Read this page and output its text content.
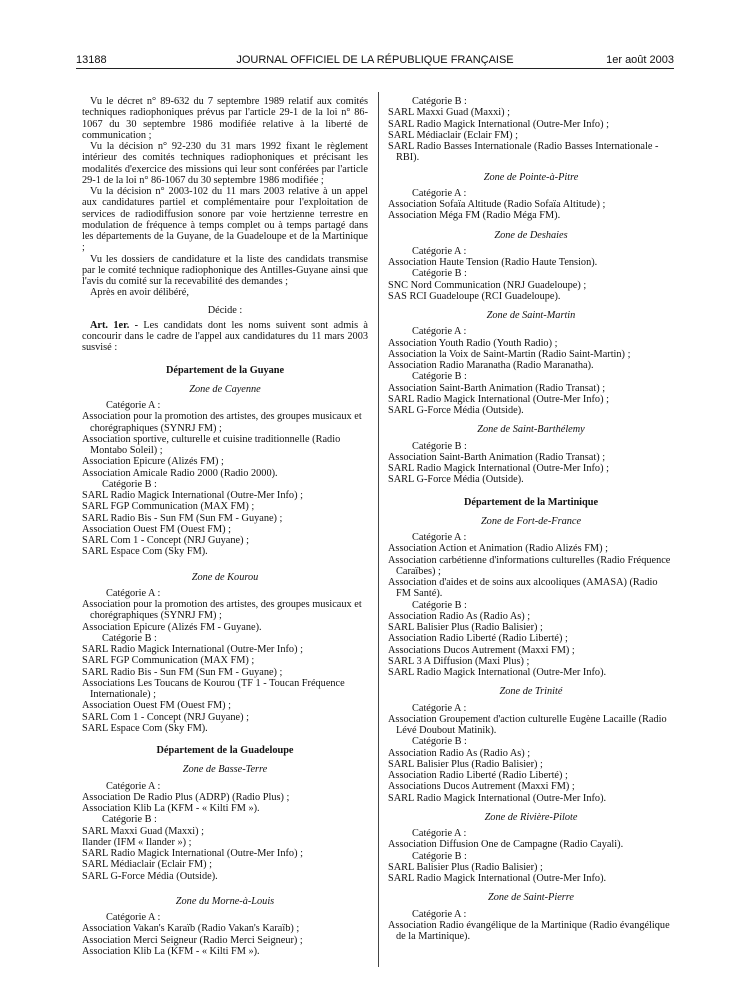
13188	JOURNAL OFFICIEL DE LA RÉPUBLIQUE FRANÇAISE	1er août 2003

Vu le décret n° 89-632 du 7 septembre 1989 relatif aux comités techniques radiophoniques prévus par l'article 29-1 de la loi n° 86-1067 du 30 septembre 1986 modifiée relative à la liberté de communication ;

Vu la décision n° 92-230 du 31 mars 1992 fixant le règlement intérieur des comités techniques radiophoniques et précisant les modalités d'exercice des missions qui leur sont conférées par l'article 29-1 de la loi n° 86-1067 du 30 septembre 1986 modifiée ;

Vu la décision n° 2003-102 du 11 mars 2003 relative à un appel aux candidatures partiel et complémentaire pour l'exploitation de services de radiodiffusion sonore par voie hertzienne terrestre en modulation de fréquence à temps complet ou à temps partagé dans les départements de la Guyane, de la Guadeloupe et de la Martinique ;

Vu les dossiers de candidature et la liste des candidats transmise par le comité technique radiophonique des Antilles-Guyane ainsi que l'avis du comité sur la recevabilité des demandes ;

Après en avoir délibéré,

Décide :

Art. 1er. - Les candidats dont les noms suivent sont admis à concourir dans le cadre de l'appel aux candidatures du 11 mars 2003 susvisé :

Département de la Guyane
Zone de Cayenne
Catégorie A :
Association pour la promotion des artistes, des groupes musicaux et chorégraphiques (SYNRJ FM) ;
Association sportive, culturelle et cuisine traditionnelle (Radio Montabo Soleil) ;
Association Epicure (Alizés FM) ;
Association Amicale Radio 2000 (Radio 2000).
Catégorie B :
SARL Radio Magick International (Outre-Mer Info) ;
SARL FGP Communication (MAX FM) ;
SARL Radio Bis - Sun FM (Sun FM - Guyane) ;
Association Ouest FM (Ouest FM) ;
SARL Com 1 - Concept (NRJ Guyane) ;
SARL Espace Com (Sky FM).
Zone de Kourou
Catégorie A :
Association pour la promotion des artistes, des groupes musicaux et chorégraphiques (SYNRJ FM) ;
Association Epicure (Alizés FM - Guyane).
Catégorie B :
SARL Radio Magick International (Outre-Mer Info) ;
SARL FGP Communication (MAX FM) ;
SARL Radio Bis - Sun FM (Sun FM - Guyane) ;
Associations Les Toucans de Kourou (TF 1 - Toucan Fréquence Internationale) ;
Association Ouest FM (Ouest FM) ;
SARL Com 1 - Concept (NRJ Guyane) ;
SARL Espace Com (Sky FM).
Département de la Guadeloupe
Zone de Basse-Terre
Catégorie A :
Association De Radio Plus (ADRP) (Radio Plus) ;
Association Klib La (KFM - « Kilti FM »).
Catégorie B :
SARL Maxxi Guad (Maxxi) ;
Ilander (IFM « Ilander ») ;
SARL Radio Magick International (Outre-Mer Info) ;
SARL Médiaclair (Eclair FM) ;
SARL G-Force Média (Outside).
Zone du Morne-à-Louis
Catégorie A :
Association Vakan's Karaïb (Radio Vakan's Karaïb) ;
Association Merci Seigneur (Radio Merci Seigneur) ;
Association Klib La (KFM - « Kilti FM »).
Catégorie B :
SARL Maxxi Guad (Maxxi) ;
SARL Radio Magick International (Outre-Mer Info) ;
SARL Médiaclair (Eclair FM) ;
SARL Radio Basses Internationale (Radio Basses Internationale - RBI).
Zone de Pointe-à-Pitre
Catégorie A :
Association Sofaïa Altitude (Radio Sofaïa Altitude) ;
Association Méga FM (Radio Méga FM).
Zone de Deshaies
Catégorie A :
Association Haute Tension (Radio Haute Tension).
Catégorie B :
SNC Nord Communication (NRJ Guadeloupe) ;
SAS RCI Guadeloupe (RCI Guadeloupe).
Zone de Saint-Martin
Catégorie A :
Association Youth Radio (Youth Radio) ;
Association la Voix de Saint-Martin (Radio Saint-Martin) ;
Association Radio Maranatha (Radio Maranatha).
Catégorie B :
Association Saint-Barth Animation (Radio Transat) ;
SARL Radio Magick International (Outre-Mer Info) ;
SARL G-Force Média (Outside).
Zone de Saint-Barthélemy
Catégorie B :
Association Saint-Barth Animation (Radio Transat) ;
SARL Radio Magick International (Outre-Mer Info) ;
SARL G-Force Média (Outside).
Département de la Martinique
Zone de Fort-de-France
Catégorie A :
Association Action et Animation (Radio Alizés FM) ;
Association carbétienne d'informations culturelles (Radio Fréquence Caraïbes) ;
Association d'aides et de soins aux alcooliques (AMASA) (Radio FM Santé).
Catégorie B :
Association Radio As (Radio As) ;
SARL Balisier Plus (Radio Balisier) ;
Association Radio Liberté (Radio Liberté) ;
Associations Ducos Autrement (Maxxi FM) ;
SARL 3 A Diffusion (Maxi Plus) ;
SARL Radio Magick International (Outre-Mer Info).
Zone de Trinité
Catégorie A :
Association Groupement d'action culturelle Eugène Lacaille (Radio Lévé Doubout Matinik).
Catégorie B :
Association Radio As (Radio As) ;
SARL Balisier Plus (Radio Balisier) ;
Association Radio Liberté (Radio Liberté) ;
Associations Ducos Autrement (Maxxi FM) ;
SARL Radio Magick International (Outre-Mer Info).
Zone de Rivière-Pilote
Catégorie A :
Association Diffusion One de Campagne (Radio Cayali).
Catégorie B :
SARL Balisier Plus (Radio Balisier) ;
SARL Radio Magick International (Outre-Mer Info).
Zone de Saint-Pierre
Catégorie A :
Association Radio évangélique de la Martinique (Radio évangélique de la Martinique).
